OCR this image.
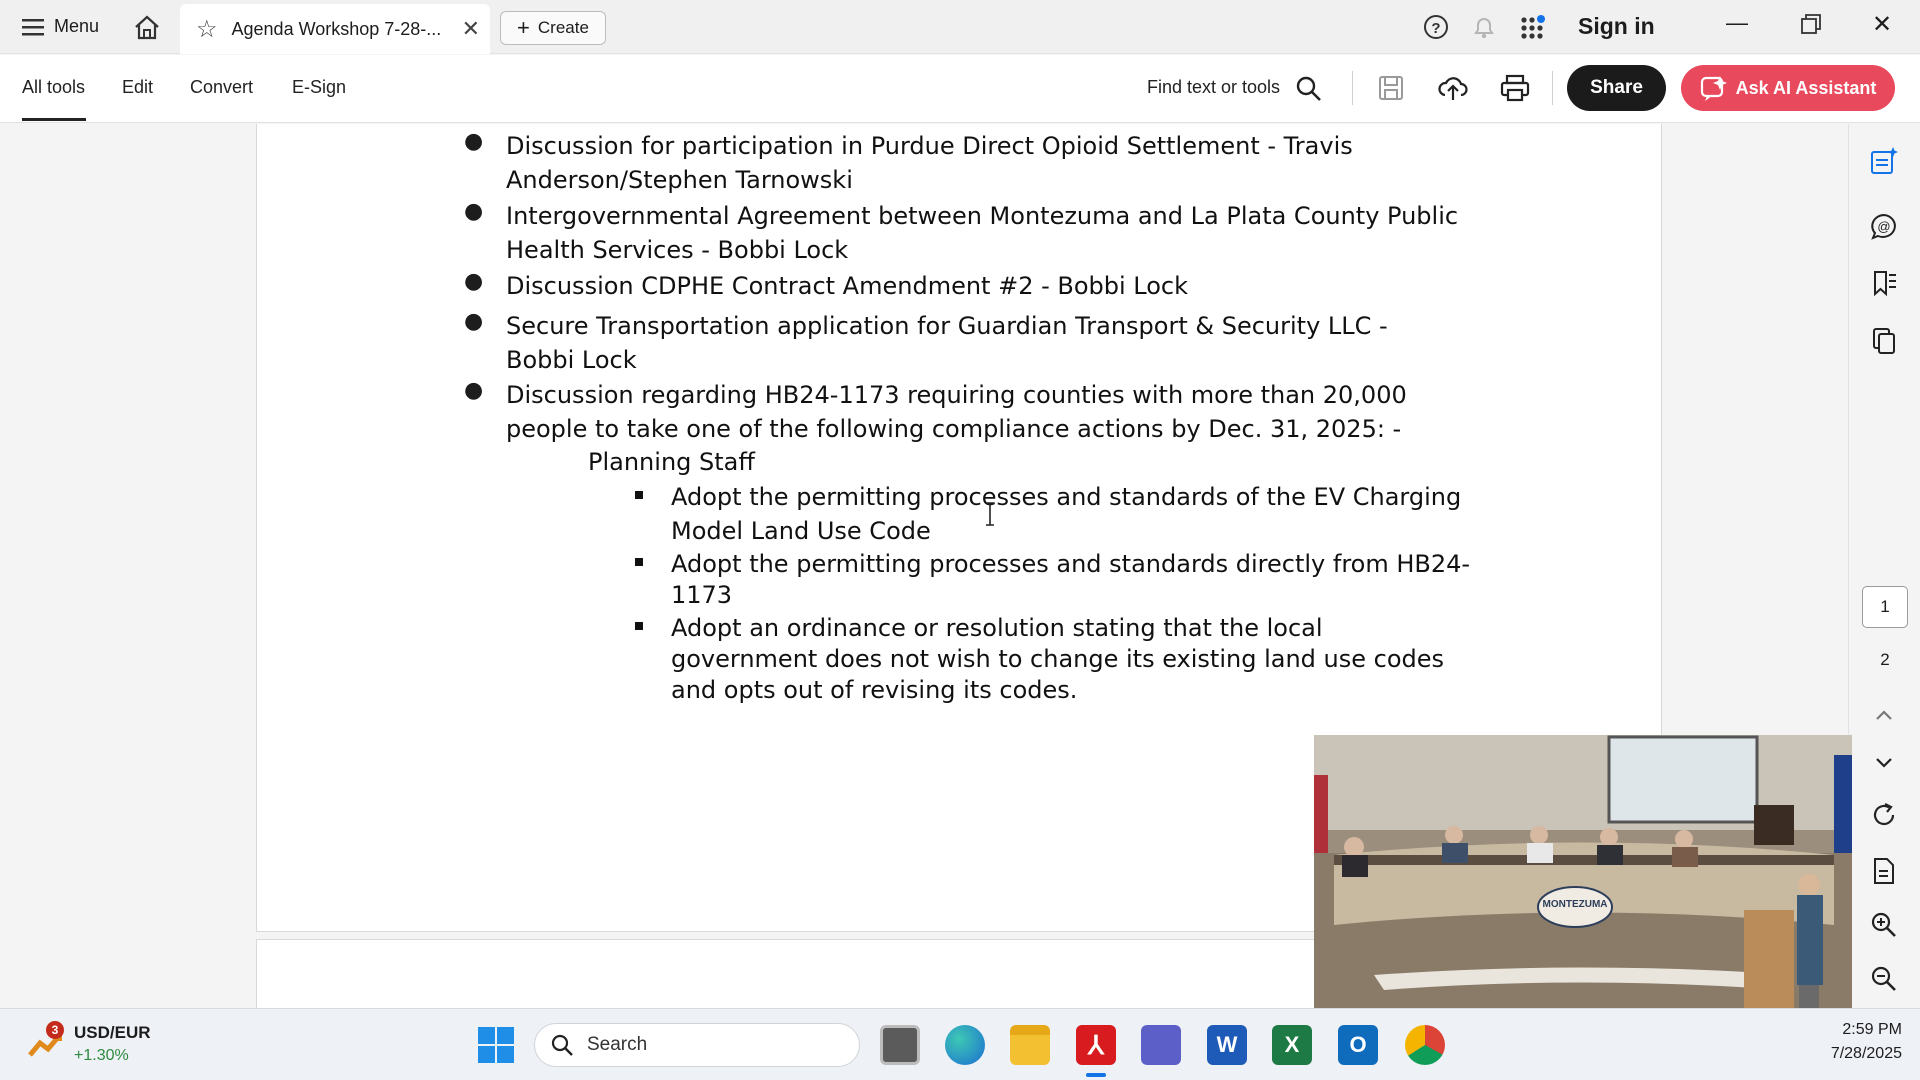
Menu	☆ Agenda Workshop 7-28-... ✕ + Create	?	Sign in	—	✕
All tools Edit Convert E-Sign	Find text or tools	Share	Ask AI Assistant
● Discussion for participation in Purdue Direct Opioid Settlement - Travis
Anderson/Stephen Tarnowski
● Intergovernmental Agreement between Montezuma and La Plata County Public
Health Services - Bobbi Lock
● Discussion CDPHE Contract Amendment #2 - Bobbi Lock
● Secure Transportation application for Guardian Transport & Security LLC -
Bobbi Lock
● Discussion regarding HB24-1173 requiring counties with more than 20,000
people to take one of the following compliance actions by Dec. 31, 2025: -
Planning Staff
Adopt the permitting processes and standards of the EV Charging
Model Land Use Code
Adopt the permitting processes and standards directly from HB24-
1173
Adopt an ordinance or resolution stating that the local
government does not wish to change its existing land use codes
and opts out of revising its codes.
@
1
2
MONTEZUMA
3 USD/EUR
+1.30%
Search	⅄	W X O
2:59 PM
7/28/2025
